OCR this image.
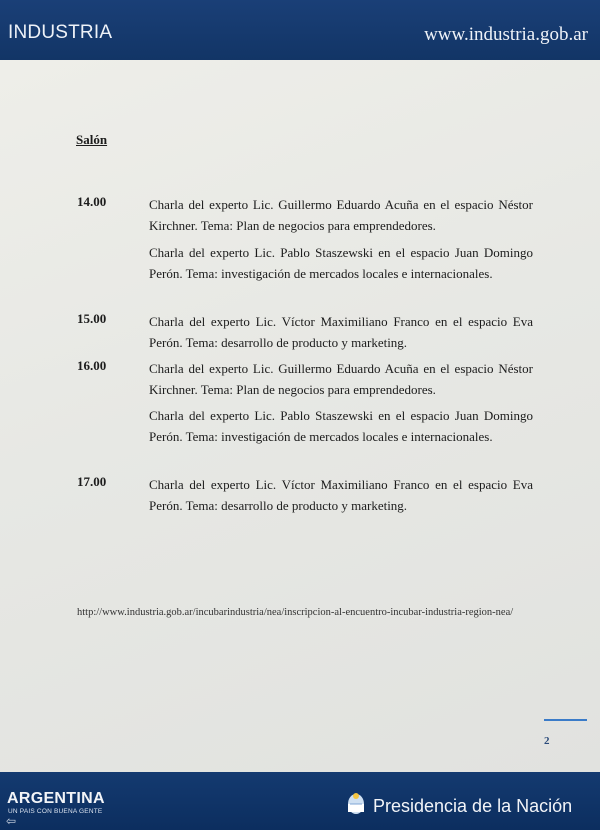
INDUSTRIA	www.industria.gob.ar
Salón
14.00	Charla del experto Lic. Guillermo Eduardo Acuña en el espacio Néstor Kirchner. Tema: Plan de negocios para emprendedores.
Charla del experto Lic. Pablo Staszewski en el espacio Juan Domingo Perón. Tema: investigación de mercados locales e internacionales.
15.00	Charla del experto Lic. Víctor Maximiliano Franco en el espacio Eva Perón. Tema: desarrollo de producto y marketing.
16.00	Charla del experto Lic. Guillermo Eduardo Acuña en el espacio Néstor Kirchner. Tema: Plan de negocios para emprendedores.
Charla del experto Lic. Pablo Staszewski en el espacio Juan Domingo Perón. Tema: investigación de mercados locales e internacionales.
17.00	Charla del experto Lic. Víctor Maximiliano Franco en el espacio Eva Perón. Tema: desarrollo de producto y marketing.
http://www.industria.gob.ar/incubarindustria/nea/inscripcion-al-encuentro-incubar-industria-region-nea/
2
ARGENTINA
UN PAIS CON BUENA GENTE
⇦
Presidencia de la Nación
